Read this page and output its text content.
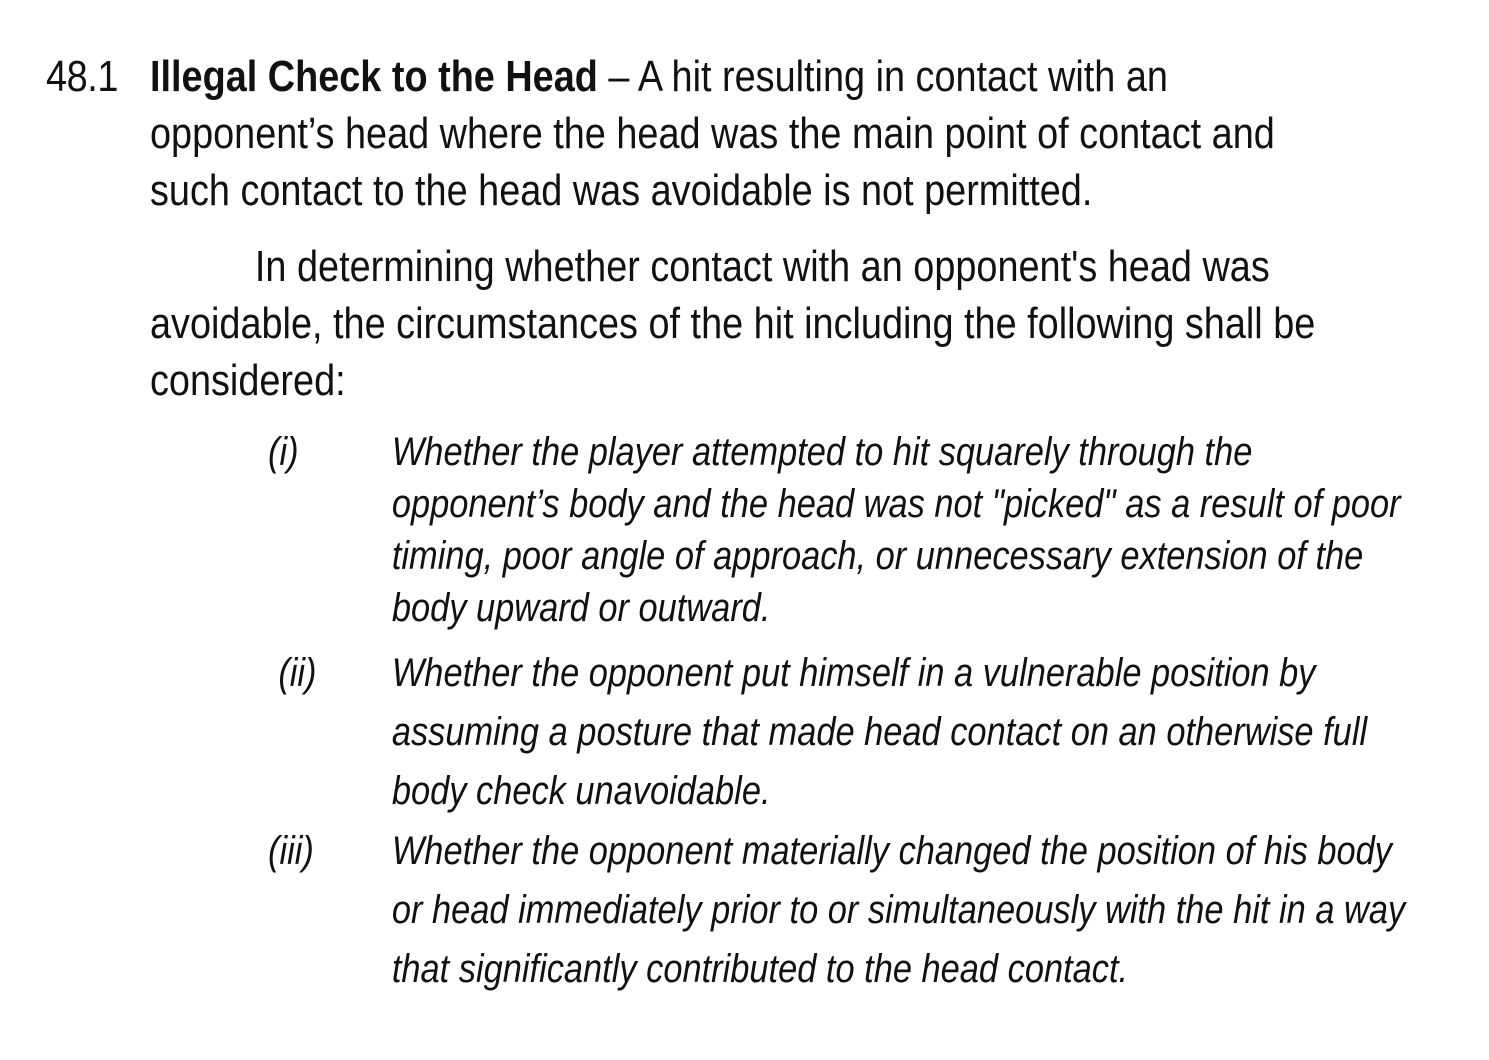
48.1 Illegal Check to the Head – A hit resulting in contact with an
opponent’s head where the head was the main point of contact and
such contact to the head was avoidable is not permitted.
In determining whether contact with an opponent's head was
avoidable, the circumstances of the hit including the following shall be
considered:
(i) Whether the player attempted to hit squarely through the
opponent’s body and the head was not "picked" as a result of poor
timing, poor angle of approach, or unnecessary extension of the
body upward or outward.
(ii) Whether the opponent put himself in a vulnerable position by
assuming a posture that made head contact on an otherwise full
body check unavoidable.
(iii) Whether the opponent materially changed the position of his body
or head immediately prior to or simultaneously with the hit in a way
that significantly contributed to the head contact.
